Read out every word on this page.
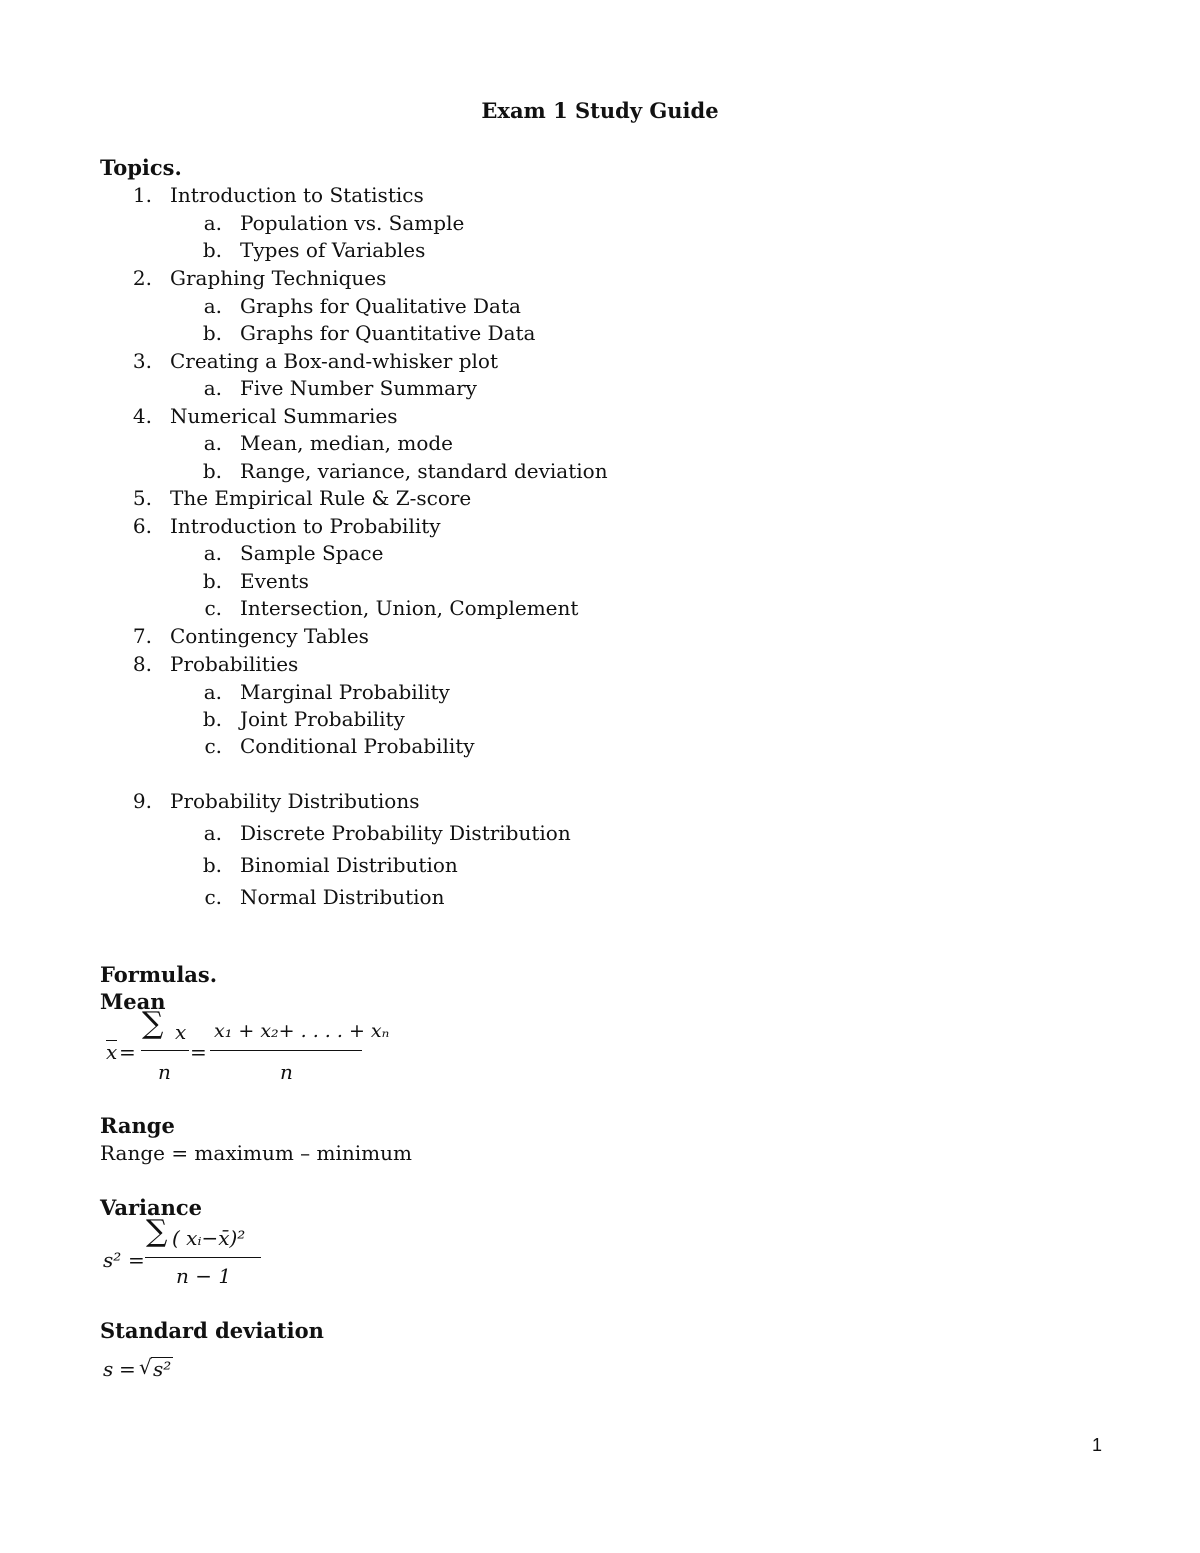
Exam 1 Study Guide
Topics.
1. Introduction to Statistics
a. Population vs. Sample
b. Types of Variables
2. Graphing Techniques
a. Graphs for Qualitative Data
b. Graphs for Quantitative Data
3. Creating a Box-and-whisker plot
a. Five Number Summary
4. Numerical Summaries
a. Mean, median, mode
b. Range, variance, standard deviation
5. The Empirical Rule & Z-score
6. Introduction to Probability
a. Sample Space
b. Events
c. Intersection, Union, Complement
7. Contingency Tables
8. Probabilities
a. Marginal Probability
b. Joint Probability
c. Conditional Probability
9. Probability Distributions
a. Discrete Probability Distribution
b. Binomial Distribution
c. Normal Distribution
Formulas.
Mean
x =
∑ x
n
=
x₁ + x₂+ . . . . + xₙ
n
Range
Range = maximum – minimum
Variance
s² =
∑ ( xᵢ−x̄)²
n − 1
Standard deviation
s = √ s²
1
